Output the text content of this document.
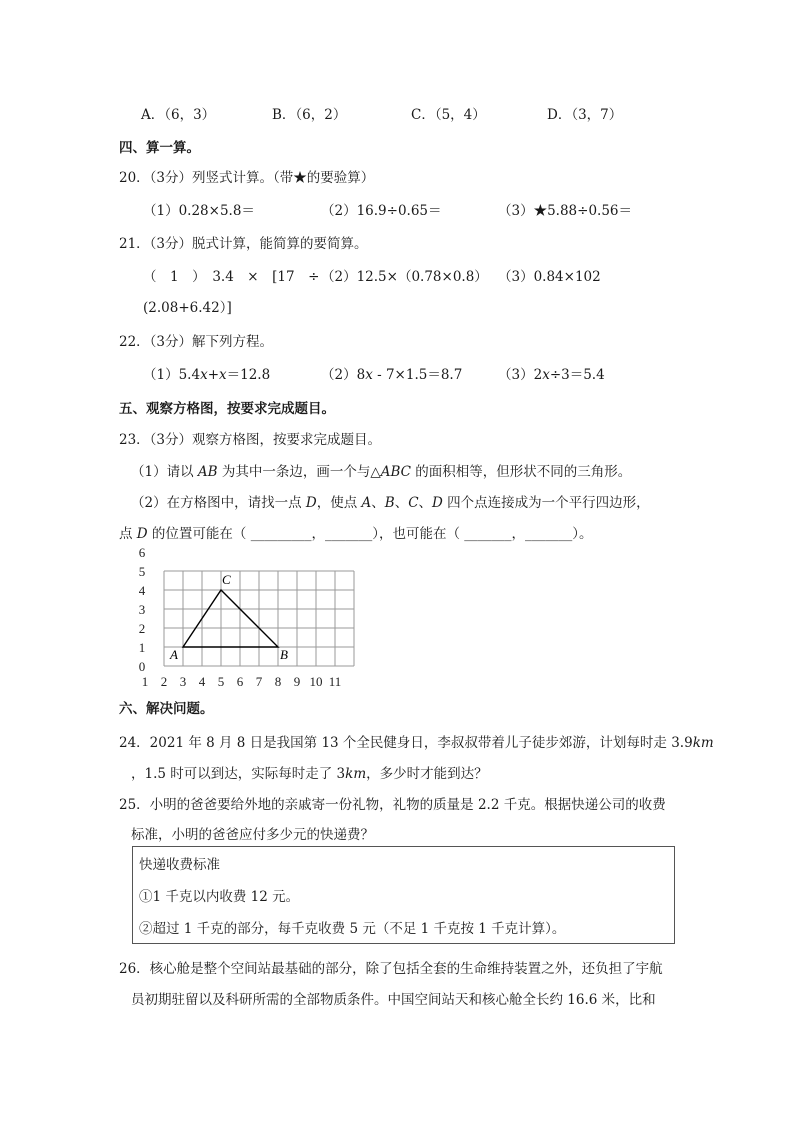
A．（6，3）	B．（6，2）	C．（5，4）	D．（3，7）
四、算一算。
20．（3分）列竖式计算。（带★的要验算）
（1）0.28×5.8＝	（2）16.9÷0.65＝	（3）★5.88÷0.56＝
21．（3分）脱式计算，能简算的要简算。
（　1　）　3.4　×　[17　÷ （2）12.5×（0.78×0.8） （3）0.84×102
(2.08+6.42）]
22．（3分）解下列方程。
（1）5.4x+x＝12.8	（2）8x - 7×1.5＝8.7	（3）2x÷3＝5.4
五、观察方格图，按要求完成题目。
23．（3分）观察方格图，按要求完成题目。
（1）请以 AB 为其中一条边，画一个与△ABC 的面积相等，但形状不同的三角形。
（2）在方格图中，请找一点 D，使点 A、B、C、D 四个点连接成为一个平行四边形，
点 D 的位置可能在（ _________，_______），也可能在（ _______，_______）。
1 2 3 4 5 6 7 8 9 10 11
0
1
2
3
4
5
6
A	B
C
六、解决问题。
24．2021 年 8 月 8 日是我国第 13 个全民健身日，李叔叔带着儿子徒步郊游，计划每时走 3.9km
，1.5 时可以到达，实际每时走了 3km，多少时才能到达？
25．小明的爸爸要给外地的亲戚寄一份礼物，礼物的质量是 2.2 千克。根据快递公司的收费
标准，小明的爸爸应付多少元的快递费？
快递收费标准
①1 千克以内收费 12 元。
②超过 1 千克的部分，每千克收费 5 元（不足 1 千克按 1 千克计算）。
26．核心舱是整个空间站最基础的部分，除了包括全套的生命维持装置之外，还负担了宇航
员初期驻留以及科研所需的全部物质条件。中国空间站天和核心舱全长约 16.6 米，比和
